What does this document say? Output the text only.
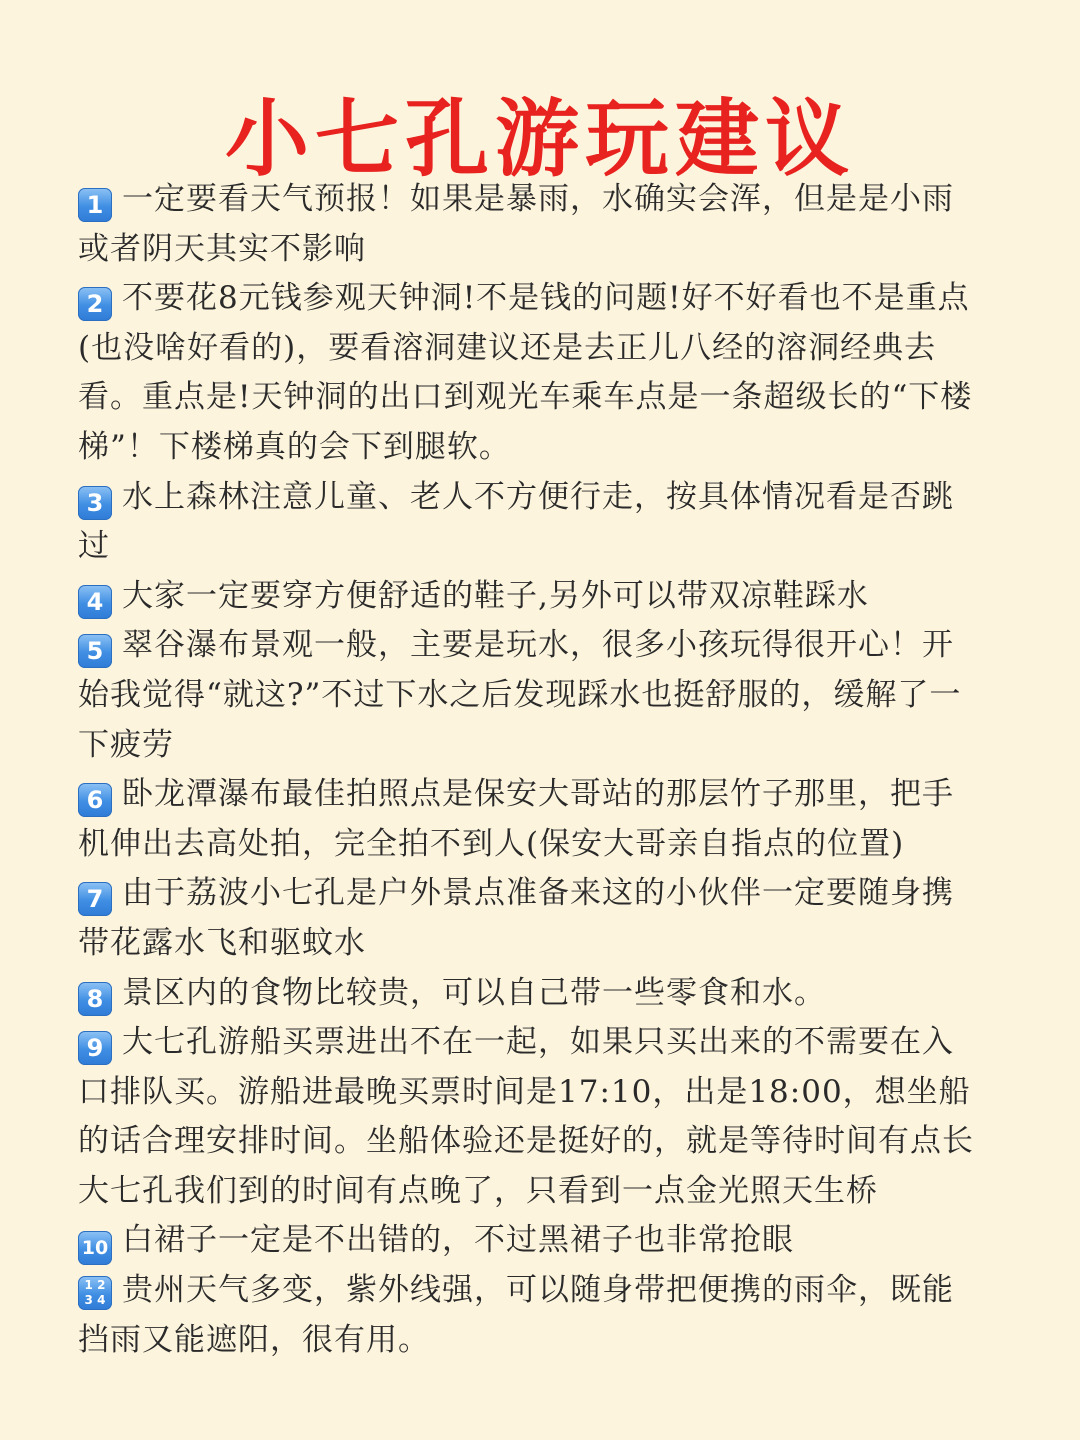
小七孔游玩建议

1 一定要看天气预报！如果是暴雨，水确实会浑，但是是小雨或者阴天其实不影响

2 不要花8元钱参观天钟洞!不是钱的问题!好不好看也不是重点(也没啥好看的)，要看溶洞建议还是去正儿八经的溶洞经典去看。重点是!天钟洞的出口到观光车乘车点是一条超级长的“下楼梯”！下楼梯真的会下到腿软。

3 水上森林注意儿童、老人不方便行走，按具体情况看是否跳过

4 大家一定要穿方便舒适的鞋子,另外可以带双凉鞋踩水

5 翠谷瀑布景观一般，主要是玩水，很多小孩玩得很开心！开始我觉得“就这?”不过下水之后发现踩水也挺舒服的，缓解了一下疲劳

6 卧龙潭瀑布最佳拍照点是保安大哥站的那层竹子那里，把手机伸出去高处拍，完全拍不到人(保安大哥亲自指点的位置)

7 由于荔波小七孔是户外景点准备来这的小伙伴一定要随身携带花露水飞和驱蚊水

8 景区内的食物比较贵，可以自己带一些零食和水。

9 大七孔游船买票进出不在一起，如果只买出来的不需要在入口排队买。游船进最晚买票时间是17:10，出是18:00，想坐船的话合理安排时间。坐船体验还是挺好的，就是等待时间有点长大七孔我们到的时间有点晚了，只看到一点金光照天生桥

10 白裙子一定是不出错的，不过黑裙子也非常抢眼

1 2
3 4 贵州天气多变，紫外线强，可以随身带把便携的雨伞，既能挡雨又能遮阳，很有用。
